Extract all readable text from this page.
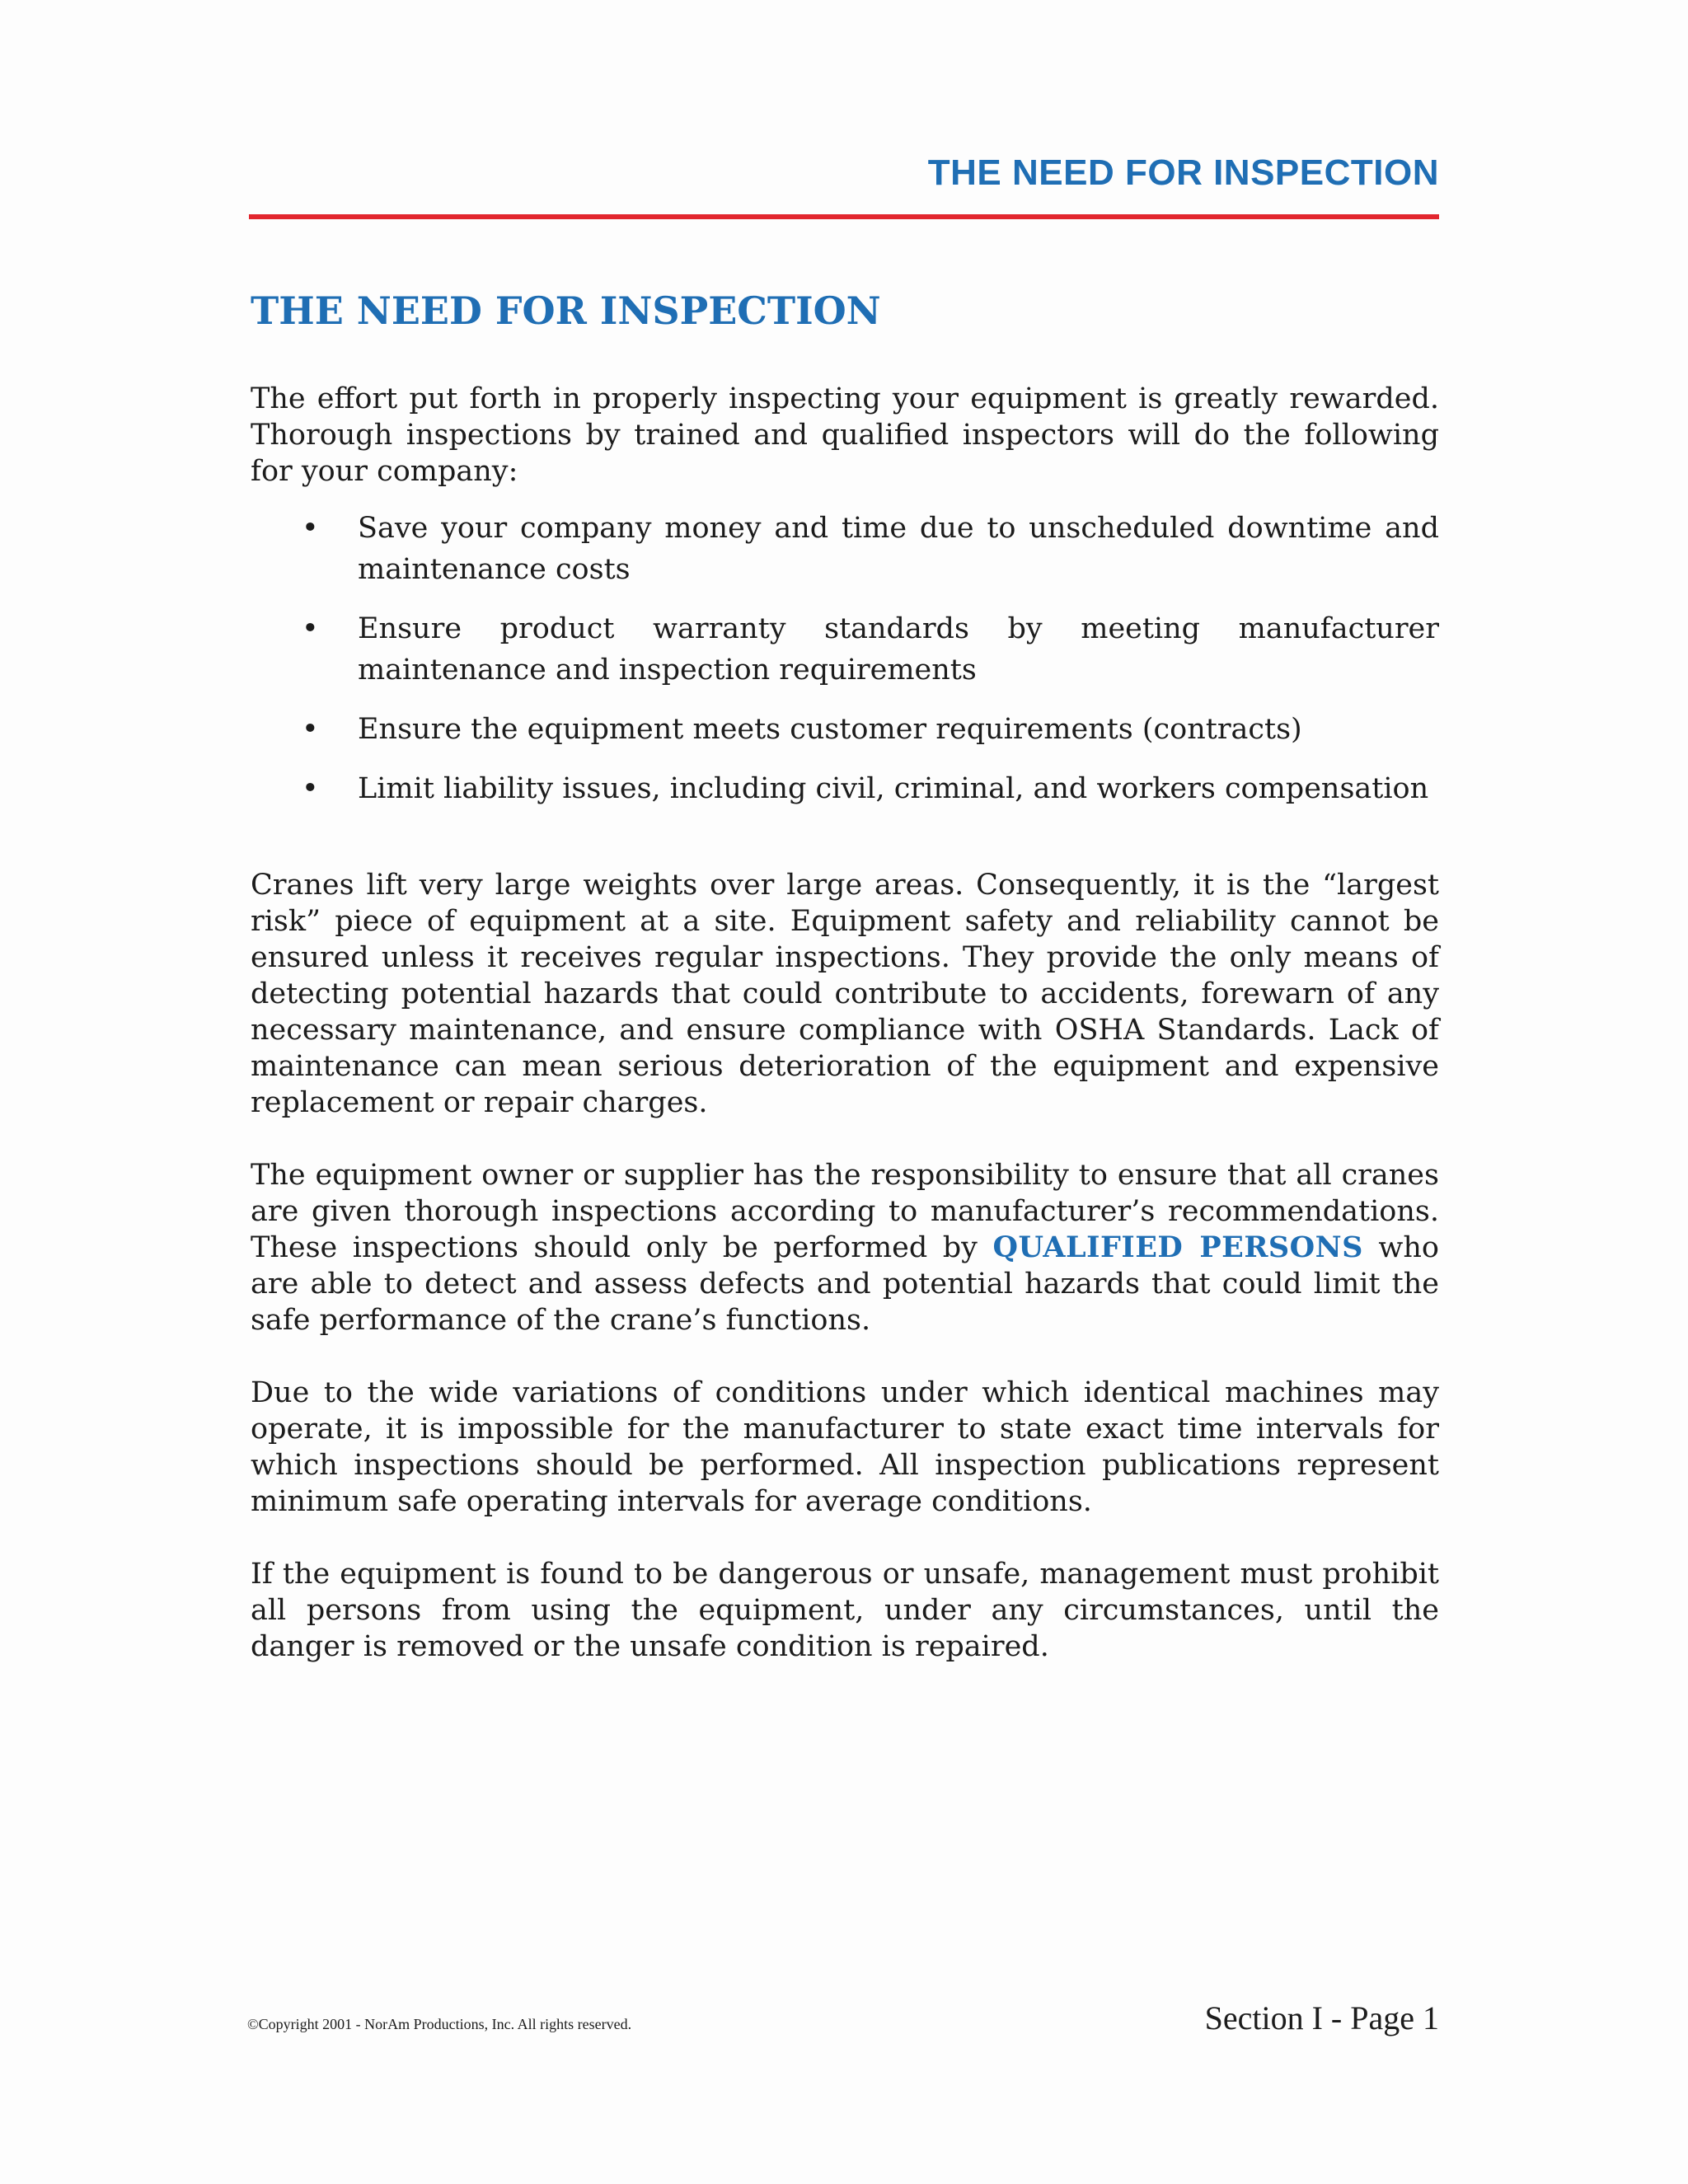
THE NEED FOR INSPECTION
THE NEED FOR INSPECTION

The effort put forth in properly inspecting your equipment is greatly rewarded. Thorough inspections by trained and qualified inspectors will do the following for your company:

• Save your company money and time due to unscheduled downtime and maintenance costs
• Ensure product warranty standards by meeting manufacturer maintenance and inspection requirements
• Ensure the equipment meets customer requirements (contracts)
• Limit liability issues, including civil, criminal, and workers compensation

Cranes lift very large weights over large areas. Consequently, it is the “largest risk” piece of equipment at a site. Equipment safety and reliability cannot be ensured unless it receives regular inspections. They provide the only means of detecting potential hazards that could contribute to accidents, forewarn of any necessary maintenance, and ensure compliance with OSHA Standards. Lack of maintenance can mean serious deterioration of the equipment and expensive replacement or repair charges.

The equipment owner or supplier has the responsibility to ensure that all cranes are given thorough inspections according to manufacturer’s recommendations. These inspections should only be performed by QUALIFIED PERSONS who are able to detect and assess defects and potential hazards that could limit the safe performance of the crane’s functions.

Due to the wide variations of conditions under which identical machines may operate, it is impossible for the manufacturer to state exact time intervals for which inspections should be performed. All inspection publications represent minimum safe operating intervals for average conditions.

If the equipment is found to be dangerous or unsafe, management must prohibit all persons from using the equipment, under any circumstances, until the danger is removed or the unsafe condition is repaired.

©Copyright 2001 - NorAm Productions, Inc. All rights reserved.	Section I - Page 1
